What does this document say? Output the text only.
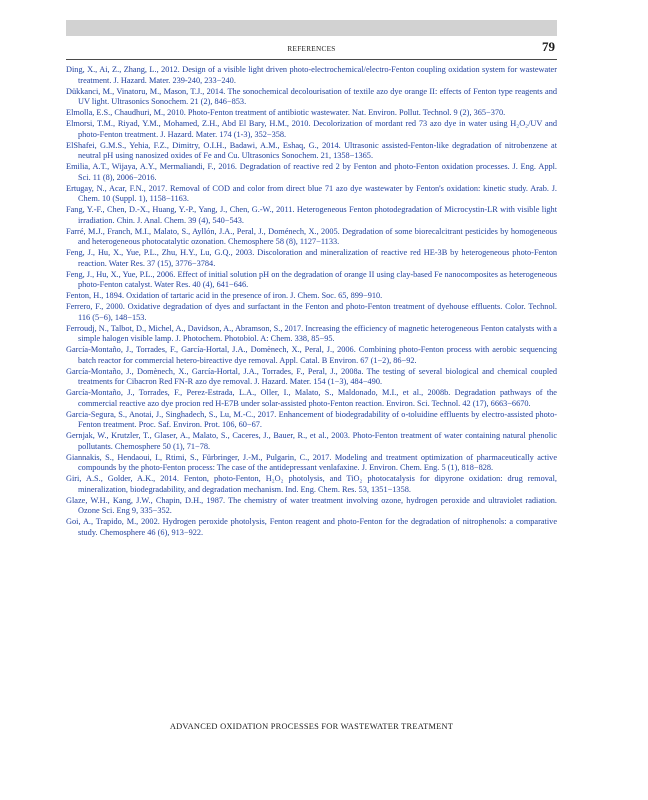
REFERENCES	79

Ding, X., Ai, Z., Zhang, L., 2012. Design of a visible light driven photo-electrochemical/electro-Fenton coupling oxidation system for wastewater treatment. J. Hazard. Mater. 239-240, 233−240.

Dükkanci, M., Vinatoru, M., Mason, T.J., 2014. The sonochemical decolourisation of textile azo dye orange II: effects of Fenton type reagents and UV light. Ultrasonics Sonochem. 21 (2), 846−853.

Elmolla, E.S., Chaudhuri, M., 2010. Photo-Fenton treatment of antibiotic wastewater. Nat. Environ. Pollut. Technol. 9 (2), 365−370.

Elmorsi, T.M., Riyad, Y.M., Mohamed, Z.H., Abd El Bary, H.M., 2010. Decolorization of mordant red 73 azo dye in water using H₂O₂/UV and photo-Fenton treatment. J. Hazard. Mater. 174 (1-3), 352−358.

ElShafei, G.M.S., Yehia, F.Z., Dimitry, O.I.H., Badawi, A.M., Eshaq, G., 2014. Ultrasonic assisted-Fenton-like degradation of nitrobenzene at neutral pH using nanosized oxides of Fe and Cu. Ultrasonics Sonochem. 21, 1358−1365.

Emilia, A.T., Wijaya, A.Y., Mermaliandi, F., 2016. Degradation of reactive red 2 by Fenton and photo-Fenton oxidation processes. J. Eng. Appl. Sci. 11 (8), 2006−2016.

Ertugay, N., Acar, F.N., 2017. Removal of COD and color from direct blue 71 azo dye wastewater by Fenton's oxidation: kinetic study. Arab. J. Chem. 10 (Suppl. 1), 1158−1163.

Fang, Y.-F., Chen, D.-X., Huang, Y.-P., Yang, J., Chen, G.-W., 2011. Heterogeneous Fenton photodegradation of Microcystin-LR with visible light irradiation. Chin. J. Anal. Chem. 39 (4), 540−543.

Farré, M.J., Franch, M.I., Malato, S., Ayllón, J.A., Peral, J., Doménech, X., 2005. Degradation of some biorecalcitrant pesticides by homogeneous and heterogeneous photocatalytic ozonation. Chemosphere 58 (8), 1127−1133.

Feng, J., Hu, X., Yue, P.L., Zhu, H.Y., Lu, G.Q., 2003. Discoloration and mineralization of reactive red HE-3B by heterogeneous photo-Fenton reaction. Water Res. 37 (15), 3776−3784.

Feng, J., Hu, X., Yue, P.L., 2006. Effect of initial solution pH on the degradation of orange II using clay-based Fe nanocomposites as heterogeneous photo-Fenton catalyst. Water Res. 40 (4), 641−646.

Fenton, H., 1894. Oxidation of tartaric acid in the presence of iron. J. Chem. Soc. 65, 899−910.

Ferrero, F., 2000. Oxidative degradation of dyes and surfactant in the Fenton and photo-Fenton treatment of dyehouse effluents. Color. Technol. 116 (5−6), 148−153.

Ferroudj, N., Talbot, D., Michel, A., Davidson, A., Abramson, S., 2017. Increasing the efficiency of magnetic heterogeneous Fenton catalysts with a simple halogen visible lamp. J. Photochem. Photobiol. A: Chem. 338, 85−95.

García-Montaño, J., Torrades, F., García-Hortal, J.A., Domènech, X., Peral, J., 2006. Combining photo-Fenton process with aerobic sequencing batch reactor for commercial hetero-bireactive dye removal. Appl. Catal. B Environ. 67 (1−2), 86−92.

García-Montaño, J., Domènech, X., García-Hortal, J.A., Torrades, F., Peral, J., 2008a. The testing of several biological and chemical coupled treatments for Cibacron Red FN-R azo dye removal. J. Hazard. Mater. 154 (1−3), 484−490.

García-Montaño, J., Torrades, F., Perez-Estrada, L.A., Oller, I., Malato, S., Maldonado, M.I., et al., 2008b. Degradation pathways of the commercial reactive azo dye procion red H-E7B under solar-assisted photo-Fenton reaction. Environ. Sci. Technol. 42 (17), 6663−6670.

Garcia-Segura, S., Anotai, J., Singhadech, S., Lu, M.-C., 2017. Enhancement of biodegradability of o-toluidine effluents by electro-assisted photo-Fenton treatment. Proc. Saf. Environ. Prot. 106, 60−67.

Gernjak, W., Krutzler, T., Glaser, A., Malato, S., Caceres, J., Bauer, R., et al., 2003. Photo-Fenton treatment of water containing natural phenolic pollutants. Chemosphere 50 (1), 71−78.

Giannakis, S., Hendaoui, I., Rtimi, S., Fürbringer, J.-M., Pulgarin, C., 2017. Modeling and treatment optimization of pharmaceutically active compounds by the photo-Fenton process: The case of the antidepressant venlafaxine. J. Environ. Chem. Eng. 5 (1), 818−828.

Giri, A.S., Golder, A.K., 2014. Fenton, photo-Fenton, H₂O₂ photolysis, and TiO₂ photocatalysis for dipyrone oxidation: drug removal, mineralization, biodegradability, and degradation mechanism. Ind. Eng. Chem. Res. 53, 1351−1358.

Glaze, W.H., Kang, J.W., Chapin, D.H., 1987. The chemistry of water treatment involving ozone, hydrogen peroxide and ultraviolet radiation. Ozone Sci. Eng 9, 335−352.

Goi, A., Trapido, M., 2002. Hydrogen peroxide photolysis, Fenton reagent and photo-Fenton for the degradation of nitrophenols: a comparative study. Chemosphere 46 (6), 913−922.

ADVANCED OXIDATION PROCESSES FOR WASTEWATER TREATMENT
